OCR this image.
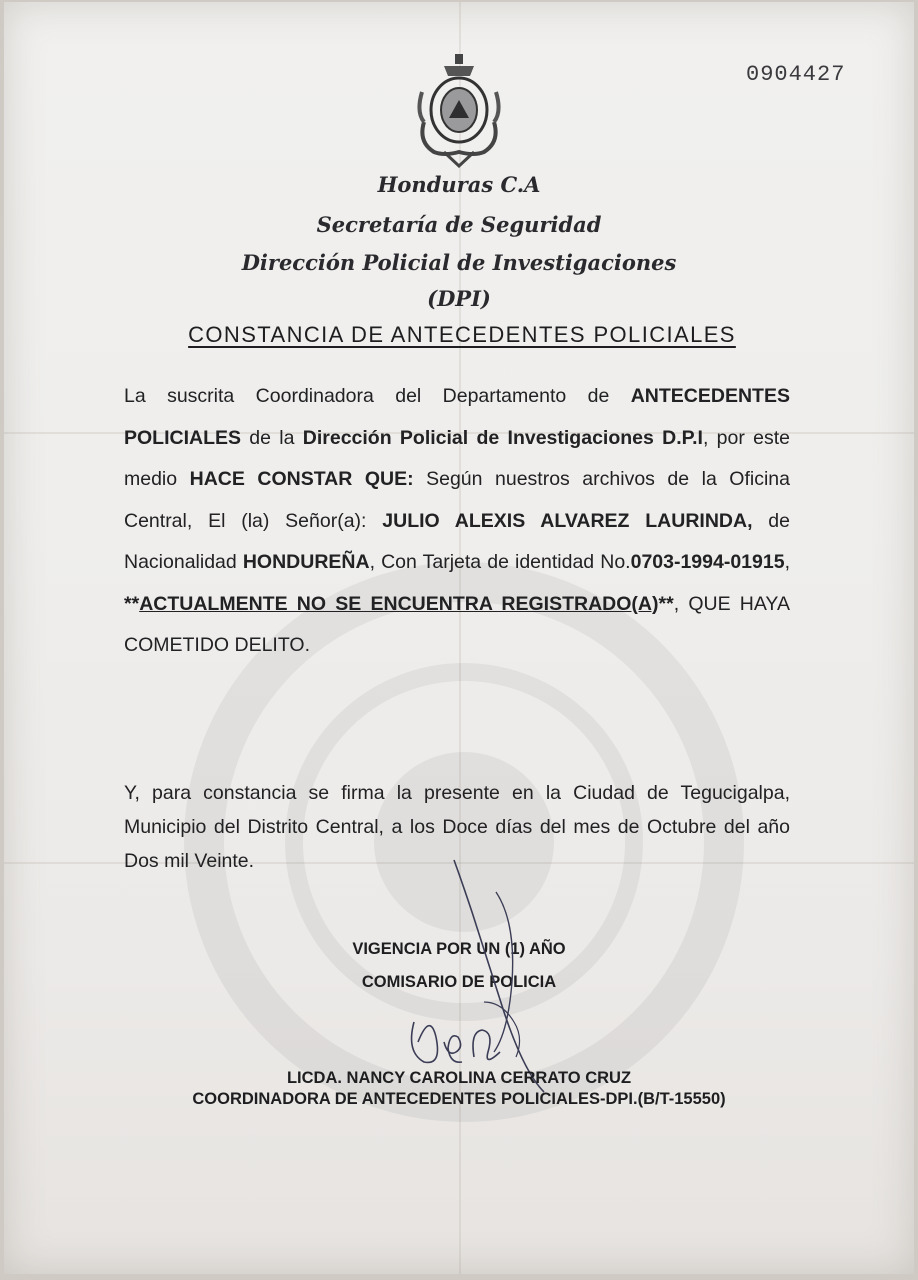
0904427
Honduras C.A
Secretaría de Seguridad
Dirección Policial de Investigaciones
(DPI)
CONSTANCIA DE ANTECEDENTES POLICIALES
La suscrita Coordinadora del Departamento de ANTECEDENTES POLICIALES de la Dirección Policial de Investigaciones D.P.I, por este medio HACE CONSTAR QUE: Según nuestros archivos de la Oficina Central, El (la) Señor(a): JULIO ALEXIS ALVAREZ LAURINDA, de Nacionalidad HONDUREÑA, Con Tarjeta de identidad No.0703-1994-01915, **ACTUALMENTE NO SE ENCUENTRA REGISTRADO(A)**, QUE HAYA COMETIDO DELITO.
Y, para constancia se firma la presente en la Ciudad de Tegucigalpa, Municipio del Distrito Central, a los Doce días del mes de Octubre del año Dos mil Veinte.
VIGENCIA POR UN (1) AÑO
COMISARIO DE POLICIA
LICDA. NANCY CAROLINA CERRATO CRUZ
COORDINADORA DE ANTECEDENTES POLICIALES-DPI.(B/T-15550)
